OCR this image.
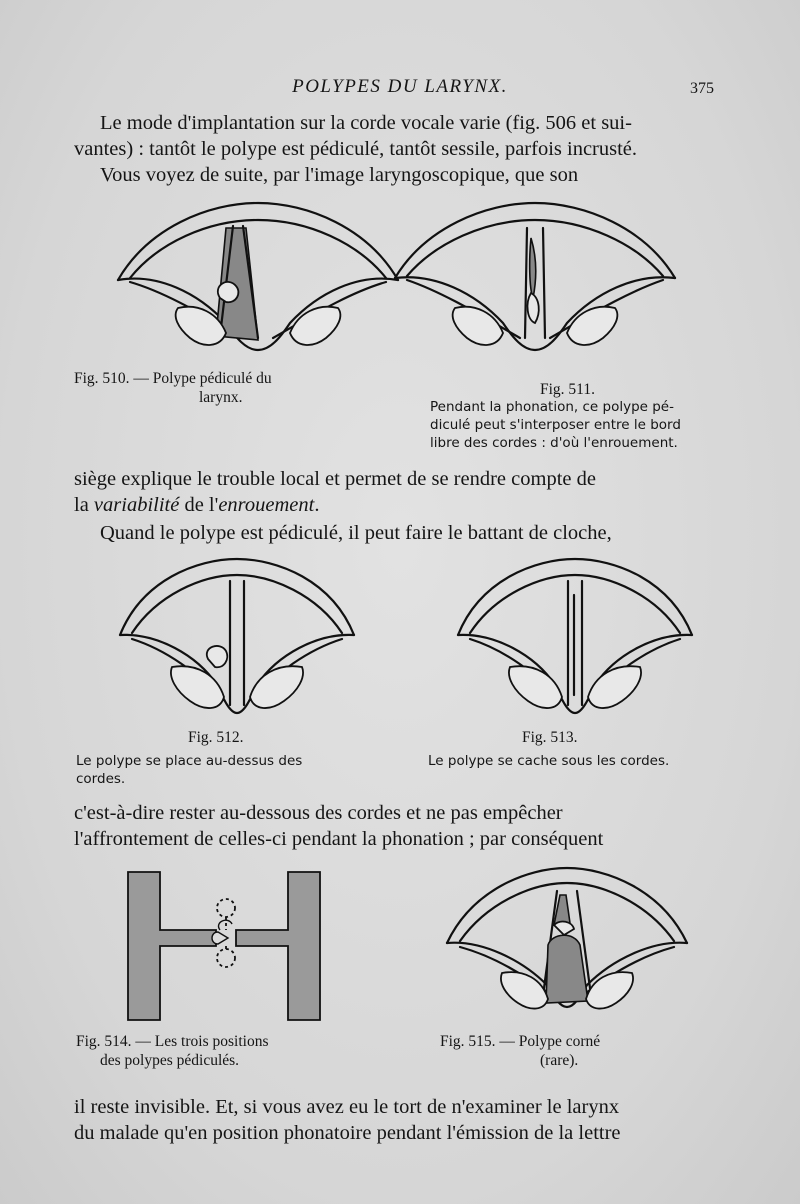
POLYPES DU LARYNX.	375
Le mode d'implantation sur la corde vocale varie (fig. 506 et sui-
vantes) : tantôt le polype est pédiculé, tantôt sessile, parfois incrusté.
Vous voyez de suite, par l'image laryngoscopique, que son
Fig. 510. — Polype pédiculé du
larynx.	Fig. 511.
Pendant la phonation, ce polype pé-
diculé peut s'interposer entre le bord
libre des cordes : d'où l'enrouement.
siège explique le trouble local et permet de se rendre compte de
la variabilité de l'enrouement.
Quand le polype est pédiculé, il peut faire le battant de cloche,
Fig. 512.	Fig. 513.
Le polype se place au-dessus des
cordes.
Le polype se cache sous les cordes.
c'est-à-dire rester au-dessous des cordes et ne pas empêcher
l'affrontement de celles-ci pendant la phonation ; par conséquent
Fig. 514. — Les trois positions
des polypes pédiculés.
Fig. 515. — Polype corné
(rare).
il reste invisible. Et, si vous avez eu le tort de n'examiner le larynx
du malade qu'en position phonatoire pendant l'émission de la lettre
